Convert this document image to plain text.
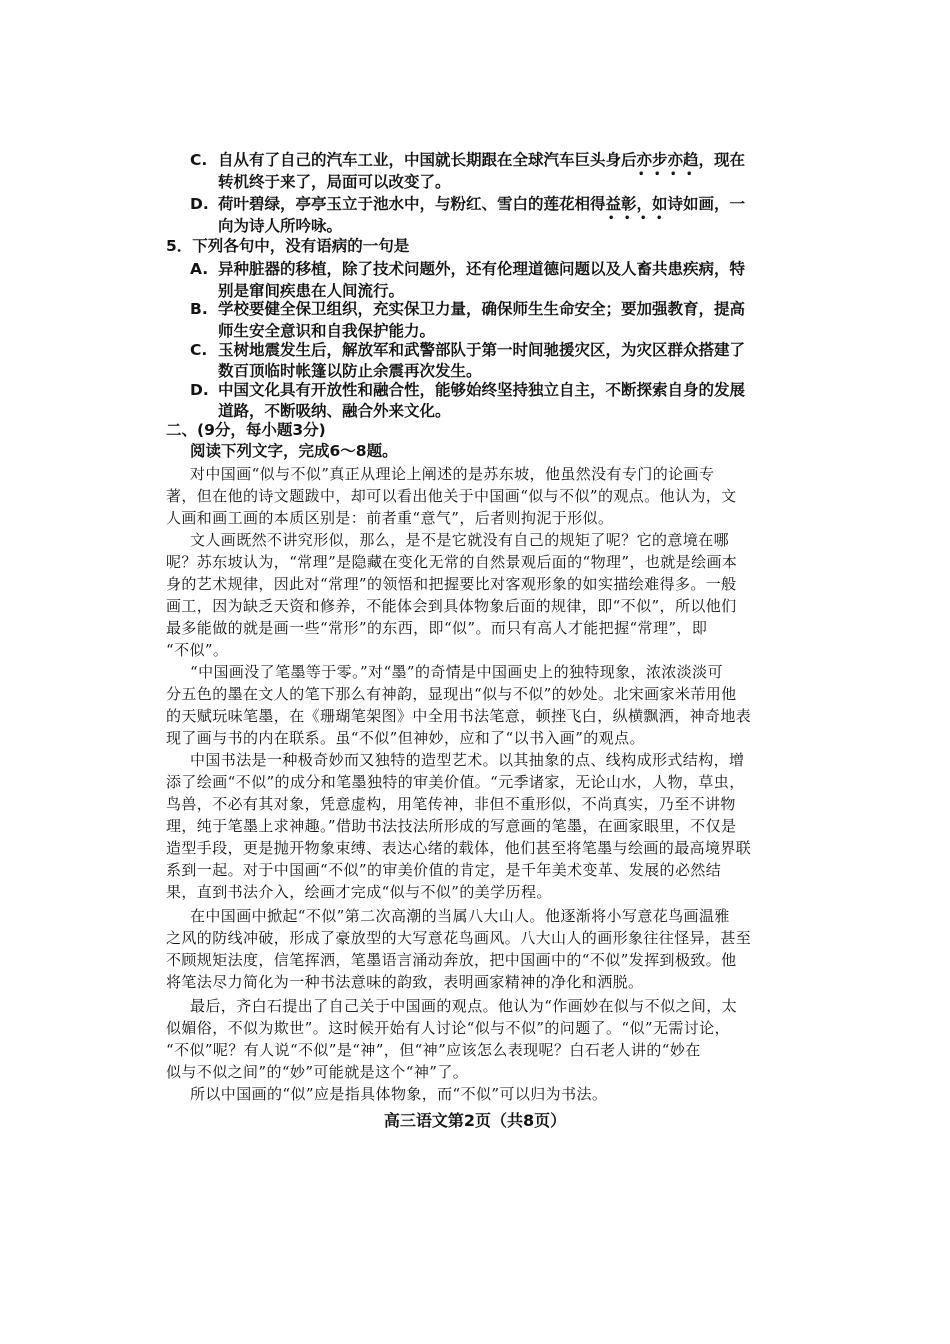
C. 自从有了自己的汽车工业，中国就长期跟在全球汽车巨头身后亦步亦趋，现在
转机终于来了，局面可以改变了。	• • • •
D. 荷叶碧绿，亭亭玉立于池水中，与粉红、雪白的莲花相得益彰，如诗如画，一
向为诗人所吟咏。	• • • •
5．下列各句中，没有语病的一句是
A. 异种脏器的移植，除了技术问题外，还有伦理道德问题以及人畜共患疾病，特
别是窜间疾患在人间流行。
B. 学校要健全保卫组织，充实保卫力量，确保师生生命安全；要加强教育，提高
师生安全意识和自我保护能力。
C. 玉树地震发生后，解放军和武警部队于第一时间驰援灾区，为灾区群众搭建了
数百顶临时帐篷以防止余震再次发生。
D. 中国文化具有开放性和融合性，能够始终坚持独立自主，不断探索自身的发展
道路，不断吸纳、融合外来文化。
二、(9分，每小题3分)
阅读下列文字，完成6～8题。
对中国画“似与不似”真正从理论上阐述的是苏东坡，他虽然没有专门的论画专
著，但在他的诗文题跋中，却可以看出他关于中国画“似与不似”的观点。他认为，文
人画和画工画的本质区别是：前者重“意气”，后者则拘泥于形似。
文人画既然不讲究形似，那么，是不是它就没有自己的规矩了呢？它的意境在哪
呢？苏东坡认为，“常理”是隐藏在变化无常的自然景观后面的“物理”，也就是绘画本
身的艺术规律，因此对“常理”的领悟和把握要比对客观形象的如实描绘难得多。一般
画工，因为缺乏天资和修养，不能体会到具体物象后面的规律，即“不似”，所以他们
最多能做的就是画一些“常形”的东西，即“似”。而只有高人才能把握“常理”，即
“不似”。
“中国画没了笔墨等于零。”对“墨”的奇情是中国画史上的独特现象，浓浓淡淡可
分五色的墨在文人的笔下那么有神韵，显现出“似与不似”的妙处。北宋画家米芾用他
的天赋玩味笔墨，在《珊瑚笔架图》中全用书法笔意，顿挫飞白，纵横飘洒，神奇地表
现了画与书的内在联系。虽“不似”但神妙，应和了“以书入画”的观点。
中国书法是一种极奇妙而又独特的造型艺术。以其抽象的点、线构成形式结构，增
添了绘画“不似”的成分和笔墨独特的审美价值。“元季诸家，无论山水，人物，草虫，
鸟兽，不必有其对象，凭意虚构，用笔传神，非但不重形似，不尚真实，乃至不讲物
理，纯于笔墨上求神趣。”借助书法技法所形成的写意画的笔墨，在画家眼里，不仅是
造型手段，更是抛开物象束缚、表达心绪的载体，他们甚至将笔墨与绘画的最高境界联
系到一起。对于中国画“不似”的审美价值的肯定，是千年美术变革、发展的必然结
果，直到书法介入，绘画才完成“似与不似”的美学历程。
在中国画中掀起“不似”第二次高潮的当属八大山人。他逐渐将小写意花鸟画温雅
之风的防线冲破，形成了豪放型的大写意花鸟画风。八大山人的画形象往往怪异，甚至
不顾规矩法度，信笔挥洒，笔墨语言涌动奔放，把中国画中的“不似”发挥到极致。他
将笔法尽力简化为一种书法意味的韵致，表明画家精神的净化和洒脱。
最后，齐白石提出了自己关于中国画的观点。他认为“作画妙在似与不似之间，太
似媚俗，不似为欺世”。这时候开始有人讨论“似与不似”的问题了。“似”无需讨论，
“不似”呢？有人说“不似”是“神”，但“神”应该怎么表现呢？白石老人讲的“妙在
似与不似之间”的“妙”可能就是这个“神”了。
所以中国画的“似”应是指具体物象，而“不似”可以归为书法。
高三语文第2页（共8页）
